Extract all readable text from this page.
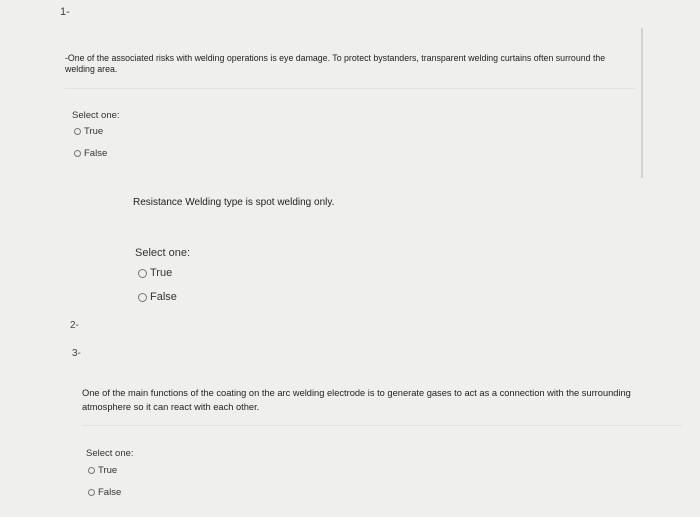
1-
-One of the associated risks with welding operations is eye damage. To protect bystanders, transparent welding curtains often surround the
welding area.
Select one:
True
False
Resistance Welding type is spot welding only.
Select one:
True
False
2-
3-
One of the main functions of the coating on the arc welding electrode is to generate gases to act as a connection with the surrounding
atmosphere so it can react with each other.
Select one:
True
False
